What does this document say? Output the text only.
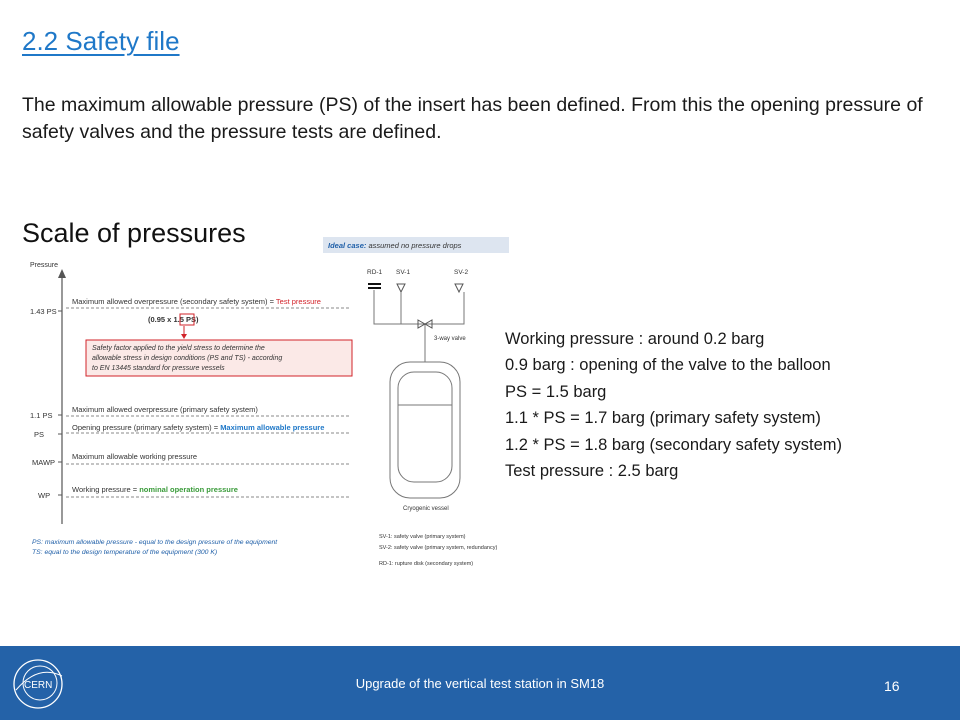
2.2 Safety file
The maximum allowable pressure (PS) of the insert has been defined. From this the opening pressure of safety valves and the pressure tests are defined.
Scale of pressures	Ideal case: assumed no pressure drops
Pressure
1.43 PS
Maximum allowed overpressure (secondary safety system) = Test pressure
(0.95 x 1.5 PS)
Safety factor applied to the yield stress to determine the
allowable stress in design conditions (PS and TS) - according
to EN 13445 standard for pressure vessels
1.1 PS
Maximum allowed overpressure (primary safety system)
PS
Opening pressure (primary safety system) = Maximum allowable pressure
MAWP
Maximum allowable working pressure
WP
Working pressure = nominal operation pressure
PS: maximum allowable pressure - equal to the design pressure of the equipment
TS: equal to the design temperature of the equipment (300 K)
RD-1 SV-1	SV-2
3-way valve
Cryogenic vessel
SV-1: safety valve (primary system)
SV-2: safety valve (primary system, redundancy)
RD-1: rupture disk (secondary system)
Working pressure : around 0.2 barg
0.9 barg : opening of the valve to the balloon
PS = 1.5 barg
1.1 * PS = 1.7 barg (primary safety system)
1.2 * PS = 1.8 barg (secondary safety system)
Test pressure : 2.5 barg
CERN	Upgrade of the vertical test station in SM18	16
